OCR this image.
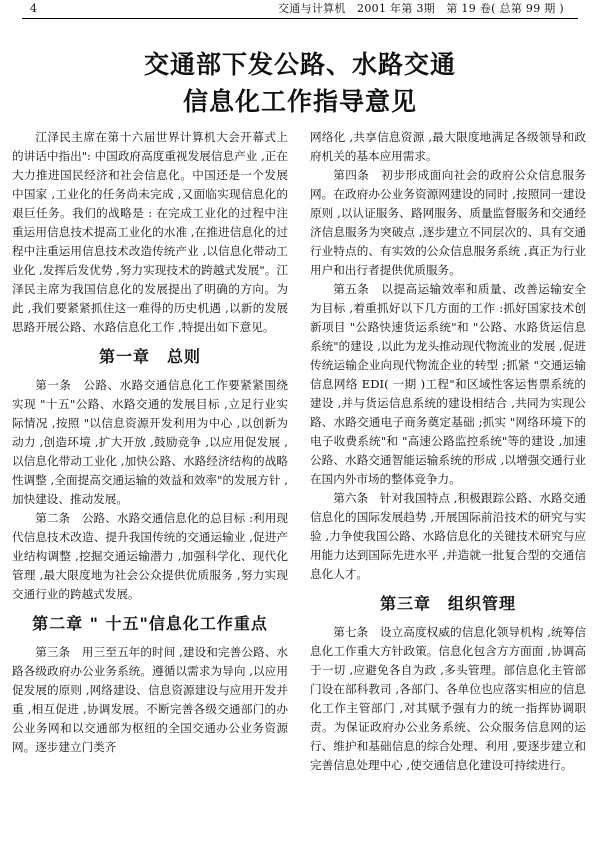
4	交通与计算机　2001 年第 3期　第 19 卷( 总第 99 期 )
交通部下发公路、水路交通
信息化工作指导意见

江泽民主席在第十六届世界计算机大会开幕式上的讲话中指出": 中国政府高度重视发展信息产业 ,正在大力推进国民经济和社会信息化。中国还是一个发展中国家 ,工业化的任务尚未完成 ,又面临实现信息化的艰巨任务。我们的战略是 : 在完成工业化的过程中注重运用信息技术提高工业化的水准 ,在推进信息化的过程中注重运用信息技术改造传统产业 ,以信息化带动工业化 ,发挥后发优势 ,努力实现技术的跨越式发展"。江泽民主席为我国信息化的发展提出了明确的方向。为此 ,我们要紧紧抓住这一难得的历史机遇 ,以新的发展思路开展公路、水路信息化工作 ,特提出如下意见。

第一章　总则

第一条　公路、水路交通信息化工作要紧紧围绕实现 "十五"公路、水路交通的发展目标 ,立足行业实际情况 ,按照 "以信息资源开发利用为中心 ,以创新为动力 ,创造环境 ,扩大开放 ,鼓励竞争 ,以应用促发展 ,以信息化带动工业化 ,加快公路、水路经济结构的战略性调整 ,全面提高交通运输的效益和效率"的发展方针 ,加快建设、推动发展。

第二条　公路、水路交通信息化的总目标 :利用现代信息技术改造、提升我国传统的交通运输业 ,促进产业结构调整 ,挖掘交通运输潜力 ,加强科学化、现代化管理 ,最大限度地为社会公众提供优质服务 ,努力实现交通行业的跨越式发展。

第二章 " 十五"信息化工作重点

第三条　用三至五年的时间 ,建设和完善公路、水路各级政府办公业务系统。遵循以需求为导向 ,以应用促发展的原则 ,网络建设、信息资源建设与应用开发并重 ,相互促进 ,协调发展。不断完善各级交通部门的办公业务网和以交通部为枢纽的全国交通办公业务资源网。逐步建立门类齐

网络化 ,共享信息资源 ,最大限度地满足各级领导和政府机关的基本应用需求。

第四条　初步形成面向社会的政府公众信息服务网。在政府办公业务资源网建设的同时 ,按照同一建设原则 ,以认证服务、路网服务、质量监督服务和交通经济信息服务为突破点 ,逐步建立不同层次的、具有交通行业特点的、有实效的公众信息服务系统 ,真正为行业用户和出行者提供优质服务。

第五条　以提高运输效率和质量、改善运输安全为目标 ,着重抓好以下几方面的工作 :抓好国家技术创新项目 "公路快速货运系统"和 "公路、水路货运信息系统"的建设 ,以此为龙头推动现代物流业的发展 ,促进传统运输企业向现代物流企业的转型 ;抓紧 "交通运输信息网络 EDI( 一期 )工程"和区域性客运售票系统的建设 ,并与货运信息系统的建设相结合 ,共同为实现公路、水路交通电子商务奠定基础 ;抓实 "网络环境下的电子收费系统"和 "高速公路监控系统"等的建设 ,加速公路、水路交通智能运输系统的形成 ,以增强交通行业在国内外市场的整体竞争力。

第六条　针对我国特点 ,积极跟踪公路、水路交通信息化的国际发展趋势 ,开展国际前沿技术的研究与实验 ,力争使我国公路、水路信息化的关键技术研究与应用能力达到国际先进水平 ,并造就一批复合型的交通信息化人才。

第三章　组织管理

第七条　设立高度权威的信息化领导机构 ,统筹信息化工作重大方针政策。信息化包含方方面面 ,协调高于一切 ,应避免各自为政 ,多头管理。部信息化主管部门设在部科教司 ,各部门、各单位也应落实相应的信息化工作主管部门 ,对其赋予强有力的统一指挥协调职责。为保证政府办公业务系统、公众服务信息网的运行、维护和基础信息的综合处理、利用 ,要逐步建立和完善信息处理中心 ,使交通信息化建设可持续进行。
